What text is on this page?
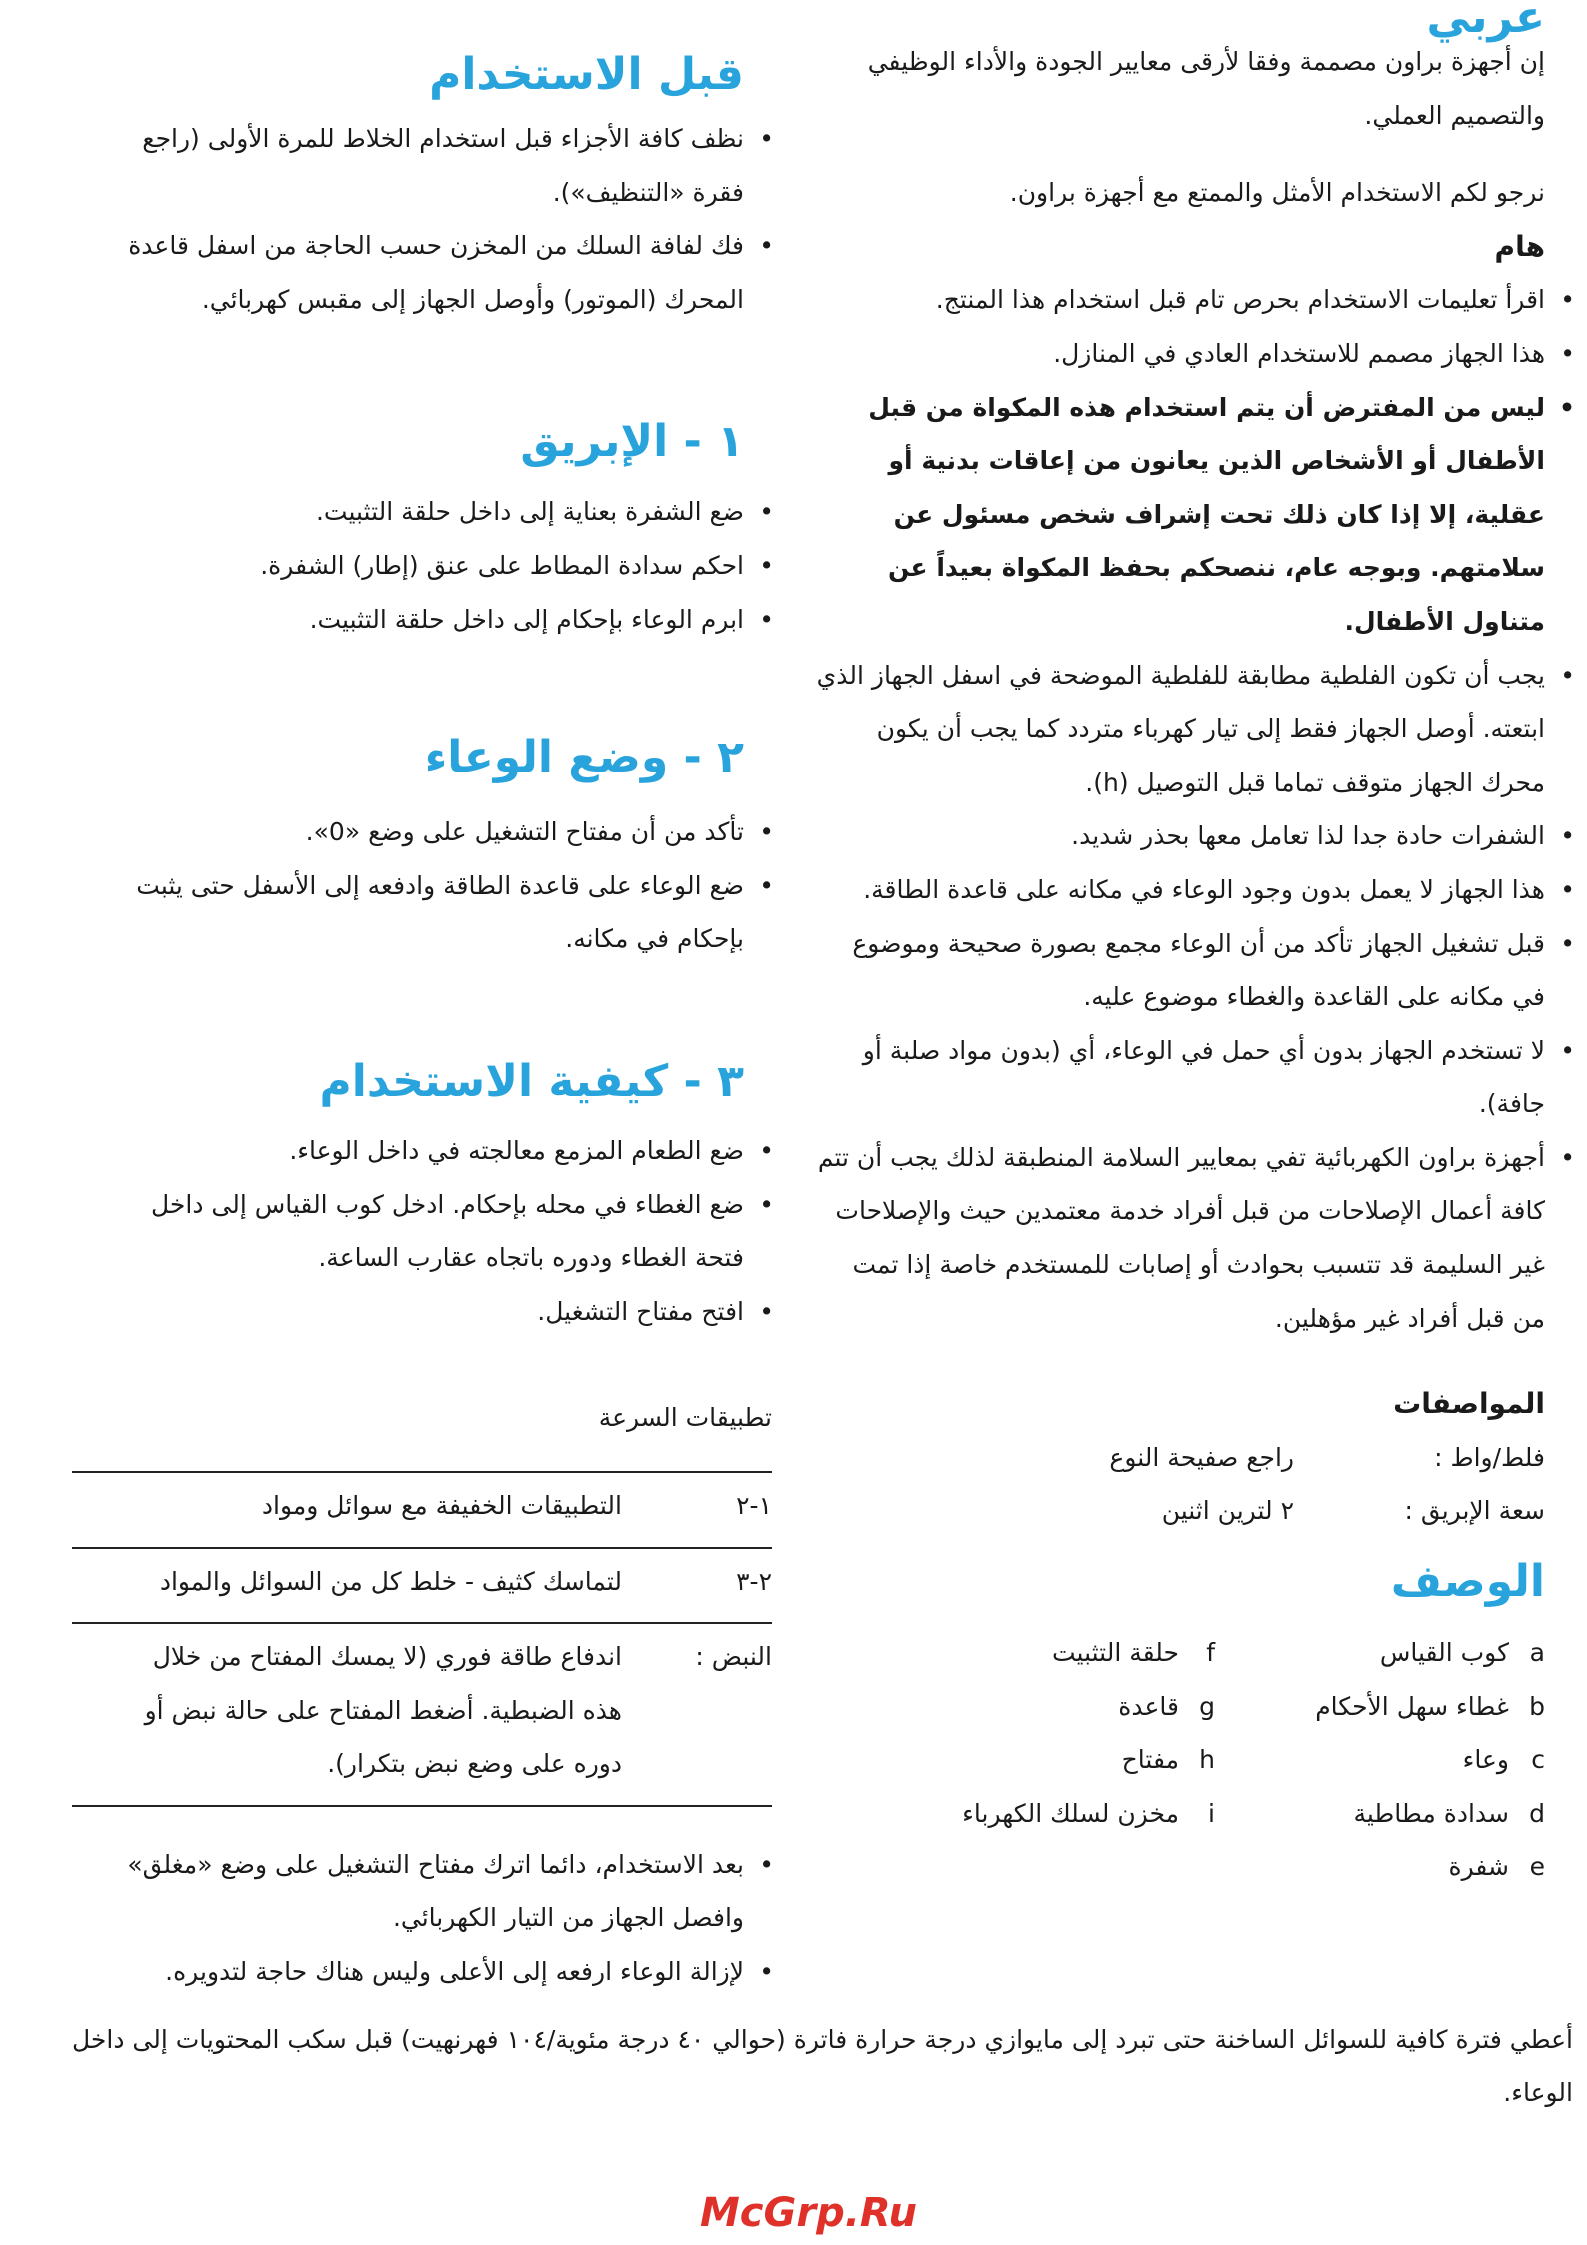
عربي
إن أجهزة براون مصممة وفقا لأرقى معايير الجودة والأداء الوظيفي والتصميم العملي.
نرجو لكم الاستخدام الأمثل والممتع مع أجهزة براون.
هام
• اقرأ تعليمات الاستخدام بحرص تام قبل استخدام هذا المنتج.
• هذا الجهاز مصمم للاستخدام العادي في المنازل.
• ليس من المفترض أن يتم استخدام هذه المكواة من قبل الأطفال أو الأشخاص الذين يعانون من إعاقات بدنية أو عقلية، إلا إذا كان ذلك تحت إشراف شخص مسئول عن سلامتهم. وبوجه عام، ننصحكم بحفظ المكواة بعيداً عن متناول الأطفال.
• يجب أن تكون الفلطية مطابقة للفلطية الموضحة في اسفل الجهاز الذي ابتعته. أوصل الجهاز فقط إلى تيار كهرباء متردد كما يجب أن يكون محرك الجهاز متوقف تماما قبل التوصيل (h).
• الشفرات حادة جدا لذا تعامل معها بحذر شديد.
• هذا الجهاز لا يعمل بدون وجود الوعاء في مكانه على قاعدة الطاقة.
• قبل تشغيل الجهاز تأكد من أن الوعاء مجمع بصورة صحيحة وموضوع في مكانه على القاعدة والغطاء موضوع عليه.
• لا تستخدم الجهاز بدون أي حمل في الوعاء، أي (بدون مواد صلبة أو جافة).
• أجهزة براون الكهربائية تفي بمعايير السلامة المنطبقة لذلك يجب أن تتم كافة أعمال الإصلاحات من قبل أفراد خدمة معتمدين حيث والإصلاحات غير السليمة قد تتسبب بحوادث أو إصابات للمستخدم خاصة إذا تمت من قبل أفراد غير مؤهلين.
المواصفات
فلط/واط :
راجع صفيحة النوع
سعة الإبريق :
٢ لترين اثنين
الوصف
a
كوب القياس
f
حلقة التثبيت
b
غطاء سهل الأحكام
g
قاعدة
c
وعاء
h
مفتاح
d
سدادة مطاطية
i
مخزن لسلك الكهرباء
e
شفرة
قبل الاستخدام
• نظف كافة الأجزاء قبل استخدام الخلاط للمرة الأولى (راجع فقرة «التنظيف»).
• فك لفافة السلك من المخزن حسب الحاجة من اسفل قاعدة المحرك (الموتور) وأوصل الجهاز إلى مقبس كهربائي.
١ - الإبريق
• ضع الشفرة بعناية إلى داخل حلقة التثبيت.
• احكم سدادة المطاط على عنق (إطار) الشفرة.
• ابرم الوعاء بإحكام إلى داخل حلقة التثبيت.
٢ - وضع الوعاء
• تأكد من أن مفتاح التشغيل على وضع «0».
• ضع الوعاء على قاعدة الطاقة وادفعه إلى الأسفل حتى يثبت بإحكام في مكانه.
٣ - كيفية الاستخدام
• ضع الطعام المزمع معالجته في داخل الوعاء.
• ضع الغطاء في محله بإحكام. ادخل كوب القياس إلى داخل فتحة الغطاء ودوره باتجاه عقارب الساعة.
• افتح مفتاح التشغيل.
تطبيقات السرعة
١-٢
التطبيقات الخفيفة مع سوائل ومواد
٢-٣
لتماسك كثيف - خلط كل من السوائل والمواد
النبض :
اندفاع طاقة فوري (لا يمسك المفتاح من خلال هذه الضبطية. أضغط المفتاح على حالة نبض أو دوره على وضع نبض بتكرار).
• بعد الاستخدام، دائما اترك مفتاح التشغيل على وضع «مغلق» وافصل الجهاز من التيار الكهربائي.
• لإزالة الوعاء ارفعه إلى الأعلى وليس هناك حاجة لتدويره.
أعطي فترة كافية للسوائل الساخنة حتى تبرد إلى مايوازي درجة حرارة فاترة (حوالي ٤٠ درجة مئوية/١٠٤ فهرنهيت) قبل سكب المحتويات إلى داخل الوعاء.
McGrp.Ru
